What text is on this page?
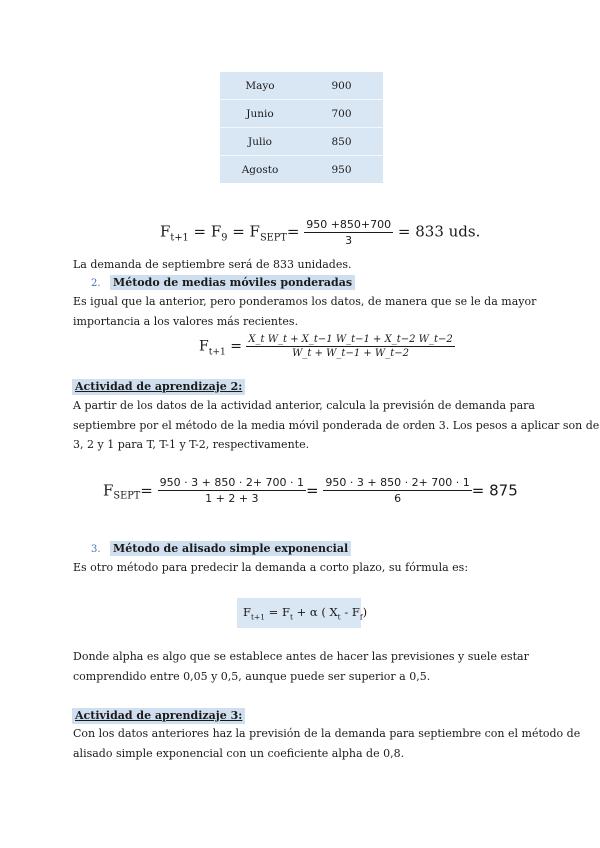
Mayo	900
Junio	700
Julio	850
Agosto	950
$F_{t+1} = F_9 = F_{SEPT}= \frac{950 +850+700}{3} = 833$ uds.
La demanda de septiembre será de 833 unidades.
2. Método de medias móviles ponderadas
Es igual que la anterior, pero ponderamos los datos, de manera que se le da mayor
importancia a los valores más recientes.
$F_{t+1} = \frac{\text{X\_t W\_t + X\_t−1 W\_t−1 + X\_t−2 W\_t−2}}{W\_t + W\_t-1 + W\_t-2}$
Actividad de aprendizaje 2:
A partir de los datos de la actividad anterior, calcula la previsión de demanda para
septiembre por el método de la media móvil ponderada de orden 3. Los pesos a aplicar son de
3, 2 y 1 para T, T-1 y T-2, respectivamente.
$F_{SEPT}= \frac{950 \cdot 3 + 850 \cdot 2+ 700 \cdot 1}{1 + 2 + 3} = \frac{950 \cdot 3 + 850 \cdot 2+ 700 \cdot 1}{6} = 875$
3. Método de alisado simple exponencial
Es otro método para predecir la demanda a corto plazo, su fórmula es:
$F_{t+1} = F_t + \alpha$ ( $X_t - F_f$)
Donde alpha es algo que se establece antes de hacer las previsiones y suele estar
comprendido entre 0,05 y 0,5, aunque puede ser superior a 0,5.
Actividad de aprendizaje 3:
Con los datos anteriores haz la previsión de la demanda para septiembre con el método de
alisado simple exponencial con un coeficiente alpha de 0,8.
